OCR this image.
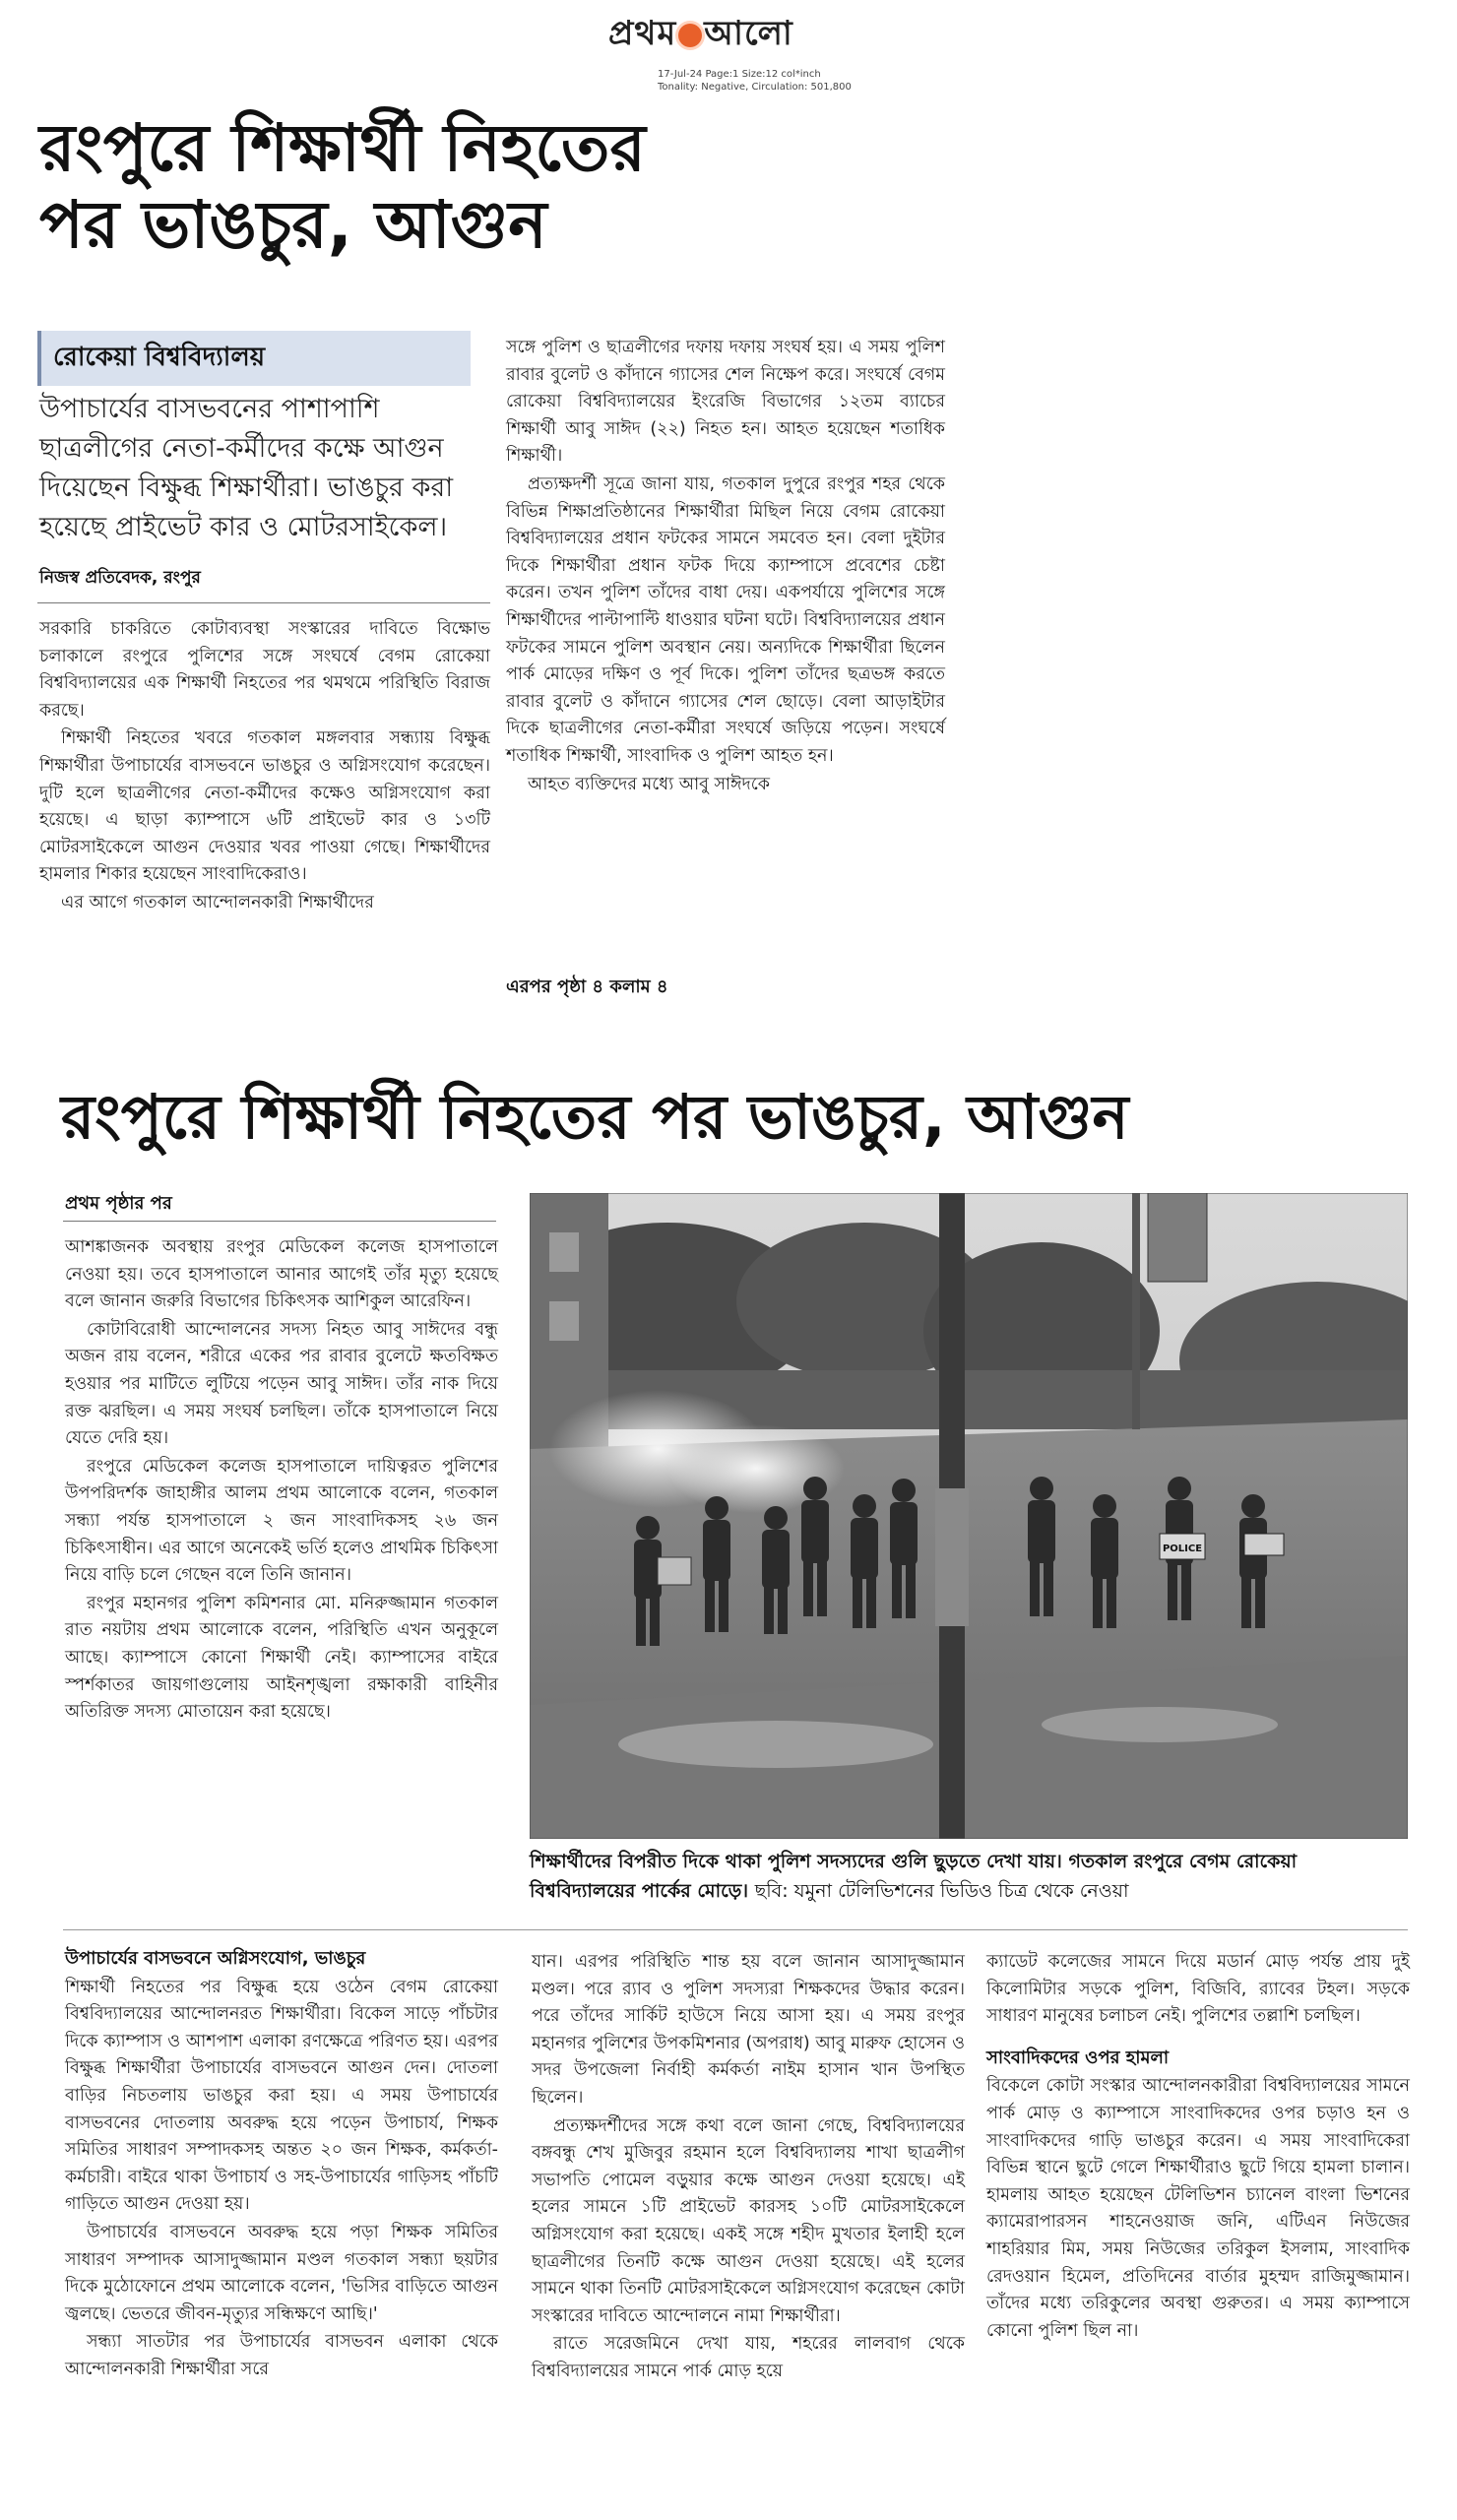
প্রথম আলো
17-Jul-24 Page:1 Size:12 col*inch
Tonality: Negative, Circulation: 501,800
রংপুরে শিক্ষার্থী নিহতের
পর ভাঙচুর, আগুন
রোকেয়া বিশ্ববিদ্যালয়
উপাচার্যের বাসভবনের পাশাপাশি ছাত্রলীগের নেতা-কর্মীদের কক্ষে আগুন দিয়েছেন বিক্ষুব্ধ শিক্ষার্থীরা। ভাঙচুর করা হয়েছে প্রাইভেট কার ও মোটরসাইকেল।
নিজস্ব প্রতিবেদক, রংপুর

সরকারি চাকরিতে কোটাব্যবস্থা সংস্কারের দাবিতে বিক্ষোভ চলাকালে রংপুরে পুলিশের সঙ্গে সংঘর্ষে বেগম রোকেয়া বিশ্ববিদ্যালয়ের এক শিক্ষার্থী নিহতের পর থমথমে পরিস্থিতি বিরাজ করছে।

শিক্ষার্থী নিহতের খবরে গতকাল মঙ্গলবার সন্ধ্যায় বিক্ষুব্ধ শিক্ষার্থীরা উপাচার্যের বাসভবনে ভাঙচুর ও অগ্নিসংযোগ করেছেন। দুটি হলে ছাত্রলীগের নেতা-কর্মীদের কক্ষেও অগ্নিসংযোগ করা হয়েছে। এ ছাড়া ক্যাম্পাসে ৬টি প্রাইভেট কার ও ১৩টি মোটরসাইকেলে আগুন দেওয়ার খবর পাওয়া গেছে। শিক্ষার্থীদের হামলার শিকার হয়েছেন সাংবাদিকেরাও।

এর আগে গতকাল আন্দোলনকারী শিক্ষার্থীদের

সঙ্গে পুলিশ ও ছাত্রলীগের দফায় দফায় সংঘর্ষ হয়। এ সময় পুলিশ রাবার বুলেট ও কাঁদানে গ্যাসের শেল নিক্ষেপ করে। সংঘর্ষে বেগম রোকেয়া বিশ্ববিদ্যালয়ের ইংরেজি বিভাগের ১২তম ব্যাচের শিক্ষার্থী আবু সাঈদ (২২) নিহত হন। আহত হয়েছেন শতাধিক শিক্ষার্থী।

প্রত্যক্ষদর্শী সূত্রে জানা যায়, গতকাল দুপুরে রংপুর শহর থেকে বিভিন্ন শিক্ষাপ্রতিষ্ঠানের শিক্ষার্থীরা মিছিল নিয়ে বেগম রোকেয়া বিশ্ববিদ্যালয়ের প্রধান ফটকের সামনে সমবেত হন। বেলা দুইটার দিকে শিক্ষার্থীরা প্রধান ফটক দিয়ে ক্যাম্পাসে প্রবেশের চেষ্টা করেন। তখন পুলিশ তাঁদের বাধা দেয়। একপর্যায়ে পুলিশের সঙ্গে শিক্ষার্থীদের পাল্টাপাল্টি ধাওয়ার ঘটনা ঘটে। বিশ্ববিদ্যালয়ের প্রধান ফটকের সামনে পুলিশ অবস্থান নেয়। অন্যদিকে শিক্ষার্থীরা ছিলেন পার্ক মোড়ের দক্ষিণ ও পূর্ব দিকে। পুলিশ তাঁদের ছত্রভঙ্গ করতে রাবার বুলেট ও কাঁদানে গ্যাসের শেল ছোড়ে। বেলা আড়াইটার দিকে ছাত্রলীগের নেতা-কর্মীরা সংঘর্ষে জড়িয়ে পড়েন। সংঘর্ষে শতাধিক শিক্ষার্থী, সাংবাদিক ও পুলিশ আহত হন।

আহত ব্যক্তিদের মধ্যে আবু সাঈদকে

এরপর পৃষ্ঠা ৪ কলাম ৪
রংপুরে শিক্ষার্থী নিহতের পর ভাঙচুর, আগুন
প্রথম পৃষ্ঠার পর

আশঙ্কাজনক অবস্থায় রংপুর মেডিকেল কলেজ হাসপাতালে নেওয়া হয়। তবে হাসপাতালে আনার আগেই তাঁর মৃত্যু হয়েছে বলে জানান জরুরি বিভাগের চিকিৎসক আশিকুল আরেফিন।

কোটাবিরোধী আন্দোলনের সদস্য নিহত আবু সাঈদের বন্ধু অজন রায় বলেন, শরীরে একের পর রাবার বুলেটে ক্ষতবিক্ষত হওয়ার পর মাটিতে লুটিয়ে পড়েন আবু সাঈদ। তাঁর নাক দিয়ে রক্ত ঝরছিল। এ সময় সংঘর্ষ চলছিল। তাঁকে হাসপাতালে নিয়ে যেতে দেরি হয়।

রংপুরে মেডিকেল কলেজ হাসপাতালে দায়িত্বরত পুলিশের উপপরিদর্শক জাহাঙ্গীর আলম প্রথম আলোকে বলেন, গতকাল সন্ধ্যা পর্যন্ত হাসপাতালে ২ জন সাংবাদিকসহ ২৬ জন চিকিৎসাধীন। এর আগে অনেকেই ভর্তি হলেও প্রাথমিক চিকিৎসা নিয়ে বাড়ি চলে গেছেন বলে তিনি জানান।

রংপুর মহানগর পুলিশ কমিশনার মো. মনিরুজ্জামান গতকাল রাত নয়টায় প্রথম আলোকে বলেন, পরিস্থিতি এখন অনুকূলে আছে। ক্যাম্পাসে কোনো শিক্ষার্থী নেই। ক্যাম্পাসের বাইরে স্পর্শকাতর জায়গাগুলোয় আইনশৃঙ্খলা রক্ষাকারী বাহিনীর অতিরিক্ত সদস্য মোতায়েন করা হয়েছে।

POLICE
শিক্ষার্থীদের বিপরীত দিকে থাকা পুলিশ সদস্যদের গুলি ছুড়তে দেখা যায়। গতকাল রংপুরে বেগম রোকেয়া বিশ্ববিদ্যালয়ের পার্কের মোড়ে। ছবি: যমুনা টেলিভিশনের ভিডিও চিত্র থেকে নেওয়া
উপাচার্যের বাসভবনে অগ্নিসংযোগ, ভাঙচুর

শিক্ষার্থী নিহতের পর বিক্ষুব্ধ হয়ে ওঠেন বেগম রোকেয়া বিশ্ববিদ্যালয়ের আন্দোলনরত শিক্ষার্থীরা। বিকেল সাড়ে পাঁচটার দিকে ক্যাম্পাস ও আশপাশ এলাকা রণক্ষেত্রে পরিণত হয়। এরপর বিক্ষুব্ধ শিক্ষার্থীরা উপাচার্যের বাসভবনে আগুন দেন। দোতলা বাড়ির নিচতলায় ভাঙচুর করা হয়। এ সময় উপাচার্যের বাসভবনের দোতলায় অবরুদ্ধ হয়ে পড়েন উপাচার্য, শিক্ষক সমিতির সাধারণ সম্পাদকসহ অন্তত ২০ জন শিক্ষক, কর্মকর্তা-কর্মচারী। বাইরে থাকা উপাচার্য ও সহ-উপাচার্যের গাড়িসহ পাঁচটি গাড়িতে আগুন দেওয়া হয়।

উপাচার্যের বাসভবনে অবরুদ্ধ হয়ে পড়া শিক্ষক সমিতির সাধারণ সম্পাদক আসাদুজ্জামান মণ্ডল গতকাল সন্ধ্যা ছয়টার দিকে মুঠোফোনে প্রথম আলোকে বলেন, 'ভিসির বাড়িতে আগুন জ্বলছে। ভেতরে জীবন-মৃত্যুর সন্ধিক্ষণে আছি।'

সন্ধ্যা সাতটার পর উপাচার্যের বাসভবন এলাকা থেকে আন্দোলনকারী শিক্ষার্থীরা সরে

যান। এরপর পরিস্থিতি শান্ত হয় বলে জানান আসাদুজ্জামান মণ্ডল। পরে র‍্যাব ও পুলিশ সদস্যরা শিক্ষকদের উদ্ধার করেন। পরে তাঁদের সার্কিট হাউসে নিয়ে আসা হয়। এ সময় রংপুর মহানগর পুলিশের উপকমিশনার (অপরাধ) আবু মারুফ হোসেন ও সদর উপজেলা নির্বাহী কর্মকর্তা নাইম হাসান খান উপস্থিত ছিলেন।

প্রত্যক্ষদর্শীদের সঙ্গে কথা বলে জানা গেছে, বিশ্ববিদ্যালয়ের বঙ্গবন্ধু শেখ মুজিবুর রহমান হলে বিশ্ববিদ্যালয় শাখা ছাত্রলীগ সভাপতি পোমেল বড়ুয়ার কক্ষে আগুন দেওয়া হয়েছে। এই হলের সামনে ১টি প্রাইভেট কারসহ ১০টি মোটরসাইকেলে অগ্নিসংযোগ করা হয়েছে। একই সঙ্গে শহীদ মুখতার ইলাহী হলে ছাত্রলীগের তিনটি কক্ষে আগুন দেওয়া হয়েছে। এই হলের সামনে থাকা তিনটি মোটরসাইকেলে অগ্নিসংযোগ করেছেন কোটা সংস্কারের দাবিতে আন্দোলনে নামা শিক্ষার্থীরা।

রাতে সরেজমিনে দেখা যায়, শহরের লালবাগ থেকে বিশ্ববিদ্যালয়ের সামনে পার্ক মোড় হয়ে

ক্যাডেট কলেজের সামনে দিয়ে মডার্ন মোড় পর্যন্ত প্রায় দুই কিলোমিটার সড়কে পুলিশ, বিজিবি, র‍্যাবের টহল। সড়কে সাধারণ মানুষের চলাচল নেই। পুলিশের তল্লাশি চলছিল।

সাংবাদিকদের ওপর হামলা

বিকেলে কোটা সংস্কার আন্দোলনকারীরা বিশ্ববিদ্যালয়ের সামনে পার্ক মোড় ও ক্যাম্পাসে সাংবাদিকদের ওপর চড়াও হন ও সাংবাদিকদের গাড়ি ভাঙচুর করেন। এ সময় সাংবাদিকেরা বিভিন্ন স্থানে ছুটে গেলে শিক্ষার্থীরাও ছুটে গিয়ে হামলা চালান। হামলায় আহত হয়েছেন টেলিভিশন চ্যানেল বাংলা ভিশনের ক্যামেরাপারসন শাহনেওয়াজ জনি, এটিএন নিউজের শাহরিয়ার মিম, সময় নিউজের তরিকুল ইসলাম, সাংবাদিক রেদওয়ান হিমেল, প্রতিদিনের বার্তার মুহম্মদ রাজিমুজ্জামান। তাঁদের মধ্যে তরিকুলের অবস্থা গুরুতর। এ সময় ক্যাম্পাসে কোনো পুলিশ ছিল না।
